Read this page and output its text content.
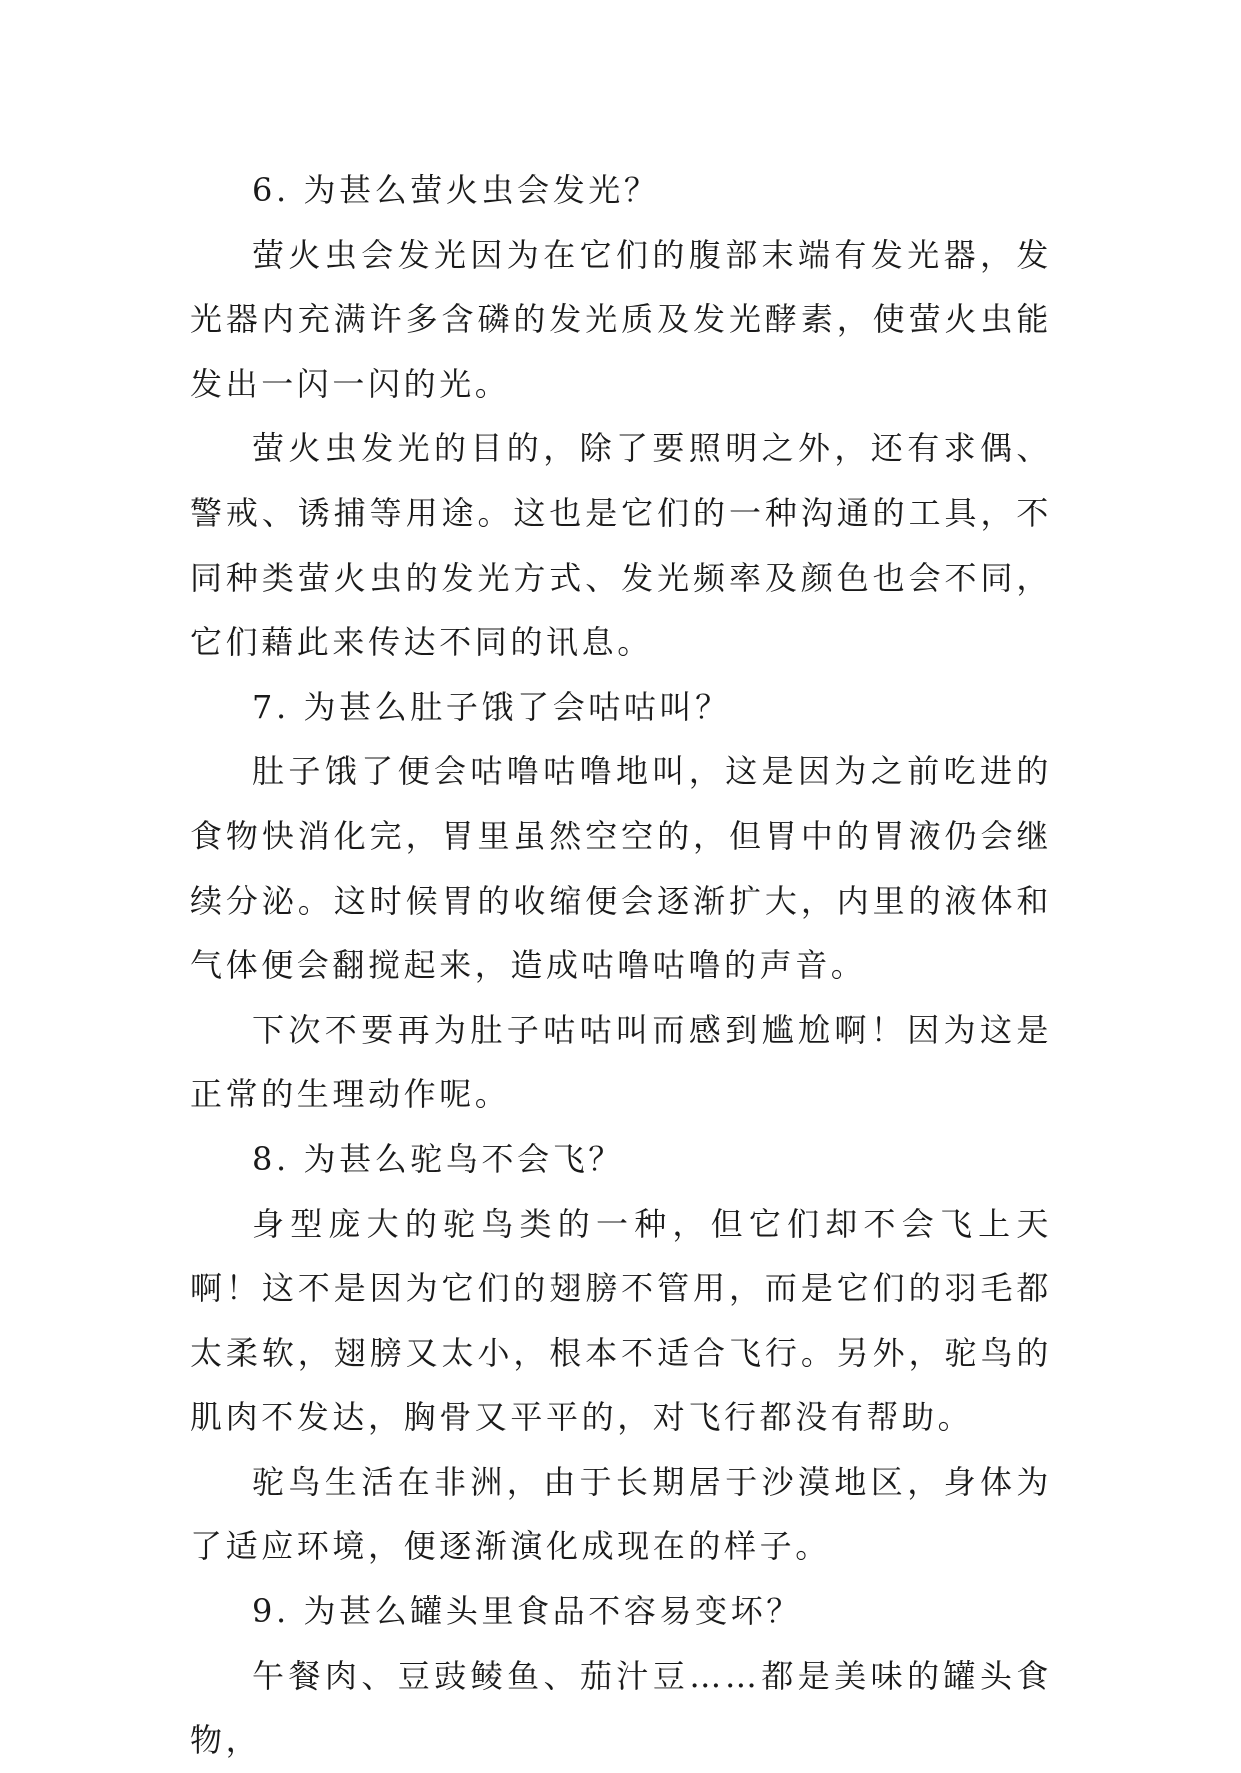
6. 为甚么萤火虫会发光？

萤火虫会发光因为在它们的腹部末端有发光器，发光器内充满许多含磷的发光质及发光酵素，使萤火虫能发出一闪一闪的光。

萤火虫发光的目的，除了要照明之外，还有求偶、警戒、诱捕等用途。这也是它们的一种沟通的工具，不同种类萤火虫的发光方式、发光频率及颜色也会不同，它们藉此来传达不同的讯息。

7. 为甚么肚子饿了会咕咕叫？

肚子饿了便会咕噜咕噜地叫，这是因为之前吃进的食物快消化完，胃里虽然空空的，但胃中的胃液仍会继续分泌。这时候胃的收缩便会逐渐扩大，内里的液体和气体便会翻搅起来，造成咕噜咕噜的声音。

下次不要再为肚子咕咕叫而感到尴尬啊！因为这是正常的生理动作呢。

8. 为甚么驼鸟不会飞？

身型庞大的驼鸟类的一种，但它们却不会飞上天啊！这不是因为它们的翅膀不管用，而是它们的羽毛都太柔软，翅膀又太小，根本不适合飞行。另外，驼鸟的肌肉不发达，胸骨又平平的，对飞行都没有帮助。

驼鸟生活在非洲，由于长期居于沙漠地区，身体为了适应环境，便逐渐演化成现在的样子。

9. 为甚么罐头里食品不容易变坏？

午餐肉、豆豉鲮鱼、茄汁豆……都是美味的罐头食物，
